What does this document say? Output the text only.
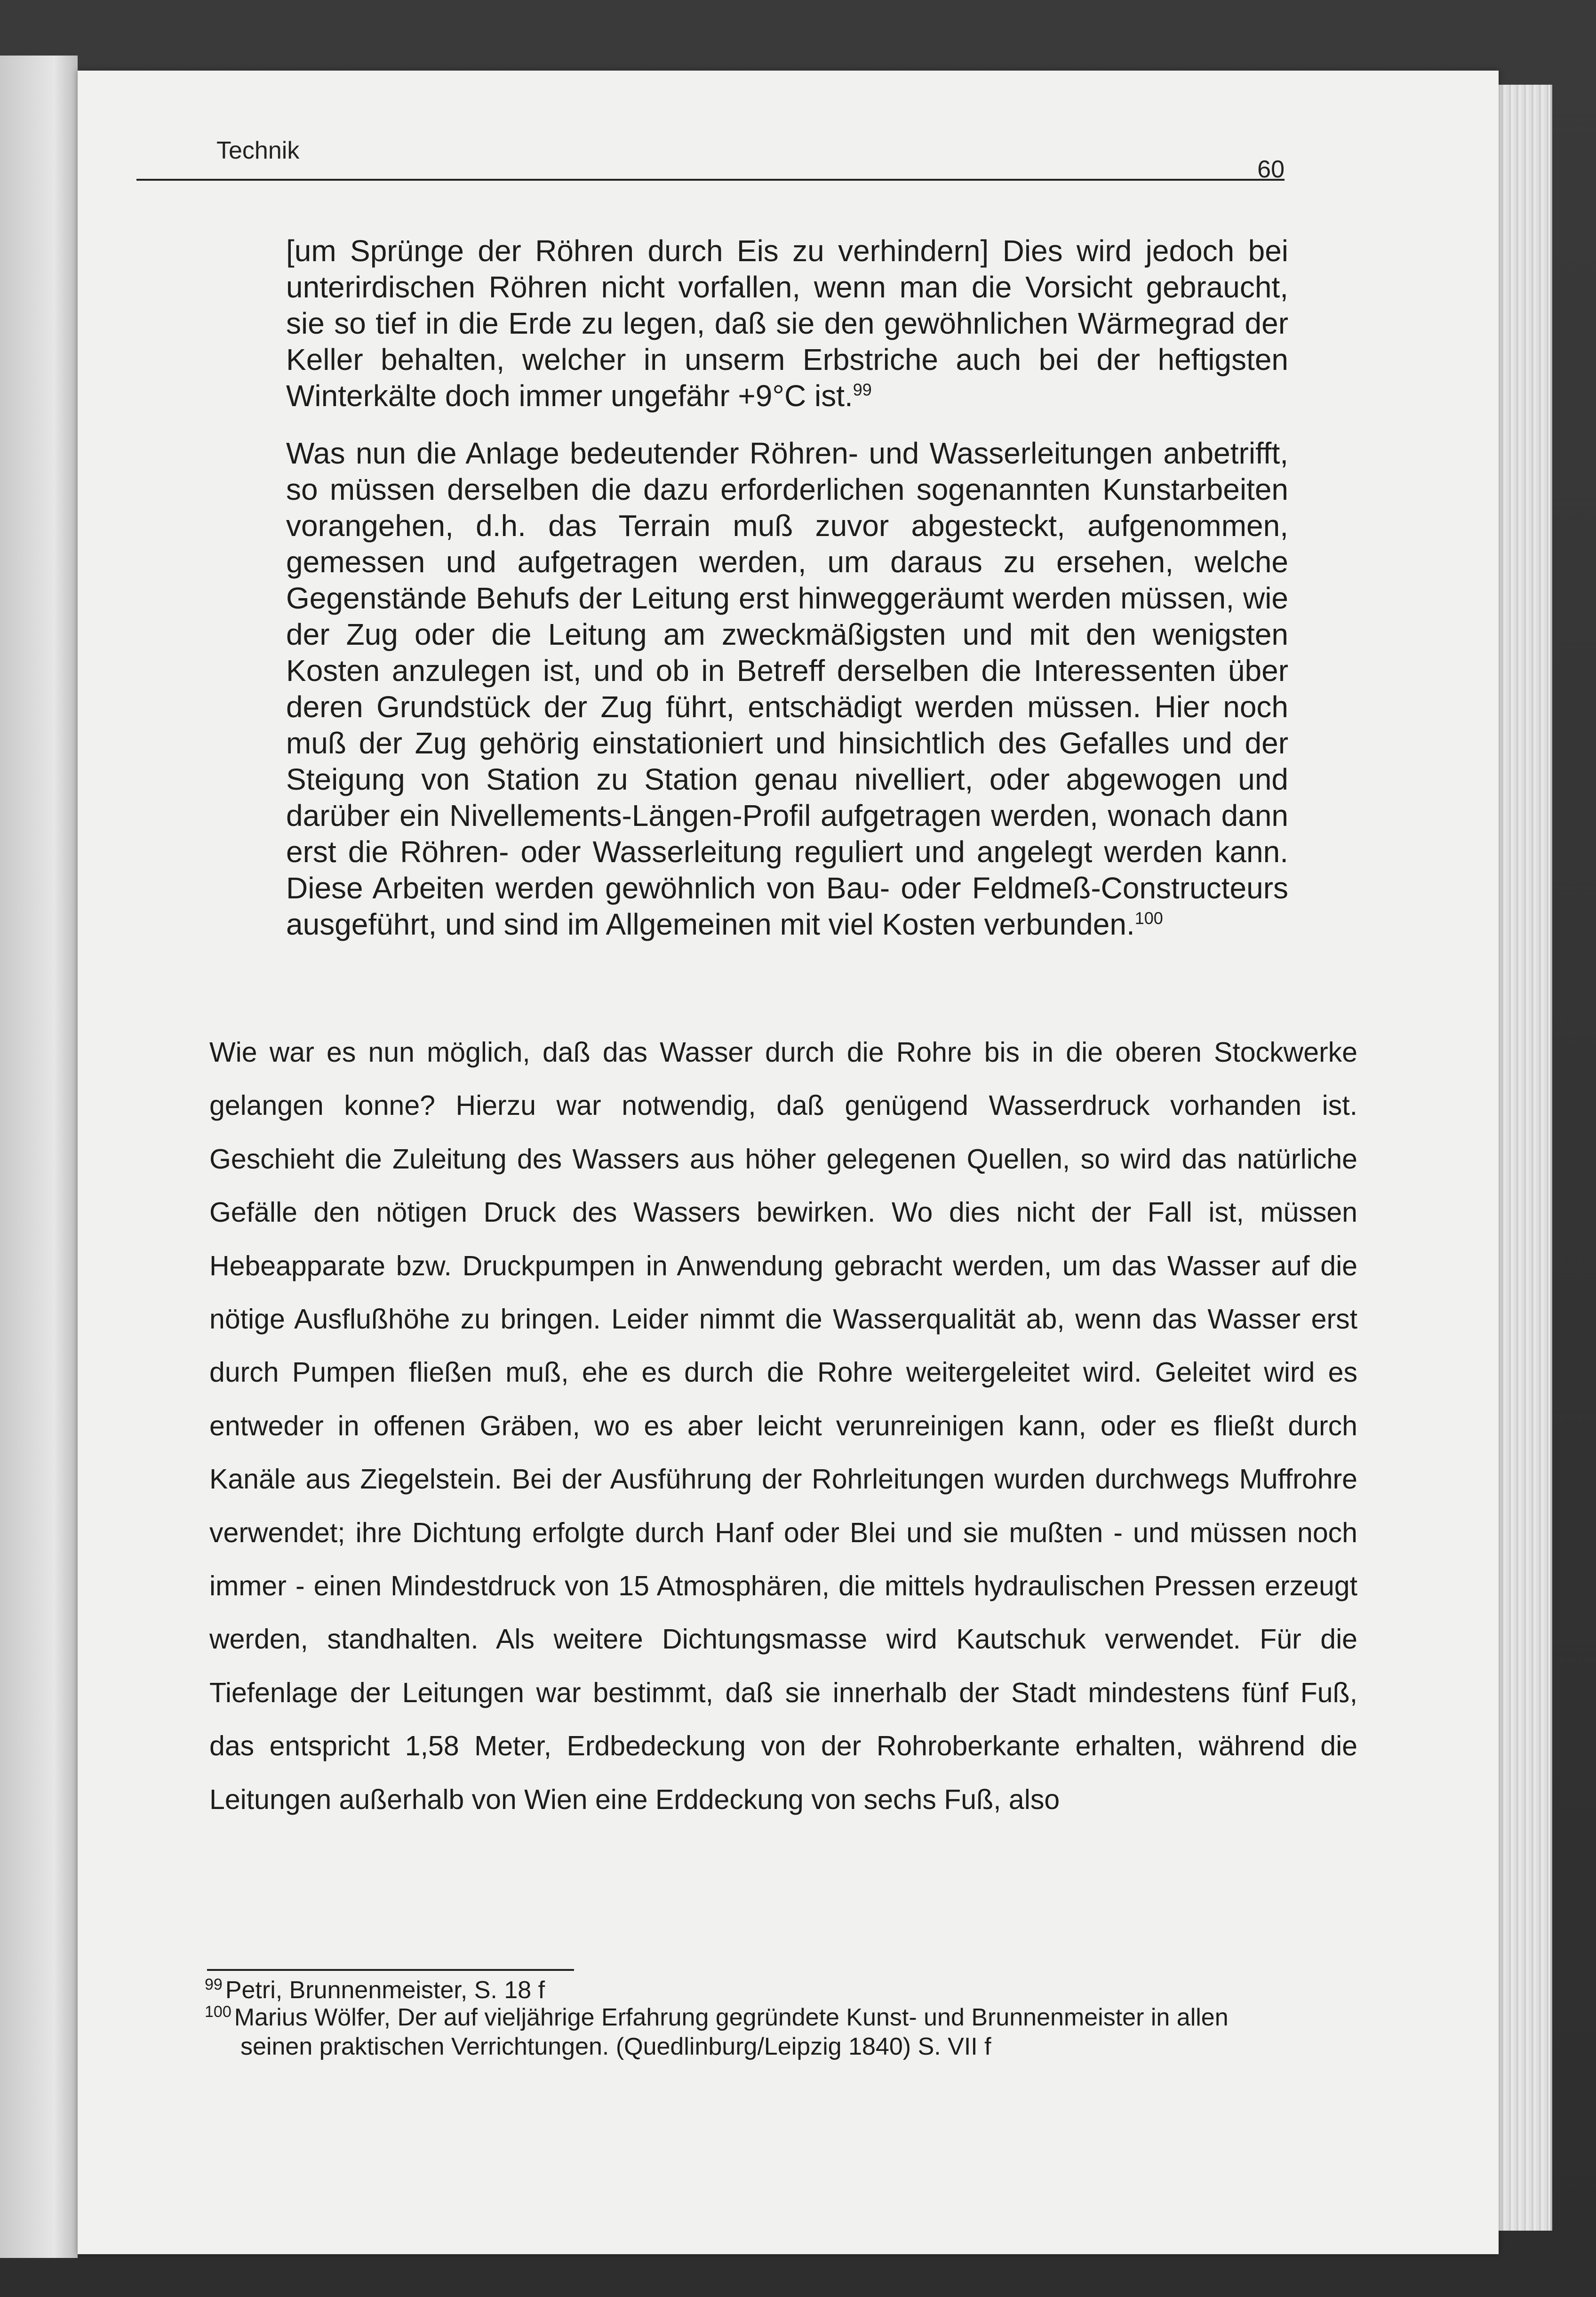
Technik
60

[um Sprünge der Röhren durch Eis zu verhindern] Dies wird jedoch bei unterirdischen Röhren nicht vorfallen, wenn man die Vorsicht gebraucht, sie so tief in die Erde zu legen, daß sie den gewöhnlichen Wärmegrad der Keller behalten, welcher in unserm Erbstriche auch bei der heftigsten Winterkälte doch immer ungefähr +9°C ist.$^{99}$

Was nun die Anlage bedeutender Röhren- und Wasserleitungen anbetrifft, so müssen derselben die dazu erforderlichen sogenannten Kunstarbeiten vorangehen, d.h. das Terrain muß zuvor abgesteckt, aufgenommen, gemessen und aufgetragen werden, um daraus zu ersehen, welche Gegenstände Behufs der Leitung erst hinweggeräumt werden müssen, wie der Zug oder die Leitung am zweckmäßigsten und mit den wenigsten Kosten anzulegen ist, und ob in Betreff derselben die Interessenten über deren Grundstück der Zug führt, entschädigt werden müssen. Hier noch muß der Zug gehörig einstationiert und hinsichtlich des Gefalles und der Steigung von Station zu Station genau nivelliert, oder abgewogen und darüber ein Nivellements-Längen-Profil aufgetragen werden, wonach dann erst die Röhren- oder Wasserleitung reguliert und angelegt werden kann. Diese Arbeiten werden gewöhnlich von Bau- oder Feldmeß-Constructeurs ausgeführt, und sind im Allgemeinen mit viel Kosten verbunden.$^{100}$

Wie war es nun möglich, daß das Wasser durch die Rohre bis in die oberen Stockwerke gelangen konne? Hierzu war notwendig, daß genügend Wasserdruck vorhanden ist. Geschieht die Zuleitung des Wassers aus höher gelegenen Quellen, so wird das natürliche Gefälle den nötigen Druck des Wassers bewirken. Wo dies nicht der Fall ist, müssen Hebeapparate bzw. Druckpumpen in Anwendung gebracht werden, um das Wasser auf die nötige Ausflußhöhe zu bringen. Leider nimmt die Wasserqualität ab, wenn das Wasser erst durch Pumpen fließen muß, ehe es durch die Rohre weitergeleitet wird. Geleitet wird es entweder in offenen Gräben, wo es aber leicht verunreinigen kann, oder es fließt durch Kanäle aus Ziegelstein. Bei der Ausführung der Rohrleitungen wurden durchwegs Muffrohre verwendet; ihre Dichtung erfolgte durch Hanf oder Blei und sie mußten - und müssen noch immer - einen Mindestdruck von 15 Atmosphären, die mittels hydraulischen Pressen erzeugt werden, standhalten. Als weitere Dichtungsmasse wird Kautschuk verwendet. Für die Tiefenlage der Leitungen war bestimmt, daß sie innerhalb der Stadt mindestens fünf Fuß, das entspricht 1,58 Meter, Erdbedeckung von der Rohroberkante erhalten, während die Leitungen außerhalb von Wien eine Erddeckung von sechs Fuß, also

$^{99}$ Petri, Brunnenmeister, S. 18 f

$^{100}$ Marius Wölfer, Der auf vieljährige Erfahrung gegründete Kunst- und Brunnenmeister in allen
seinen praktischen Verrichtungen. (Quedlinburg/Leipzig 1840) S. VII f
